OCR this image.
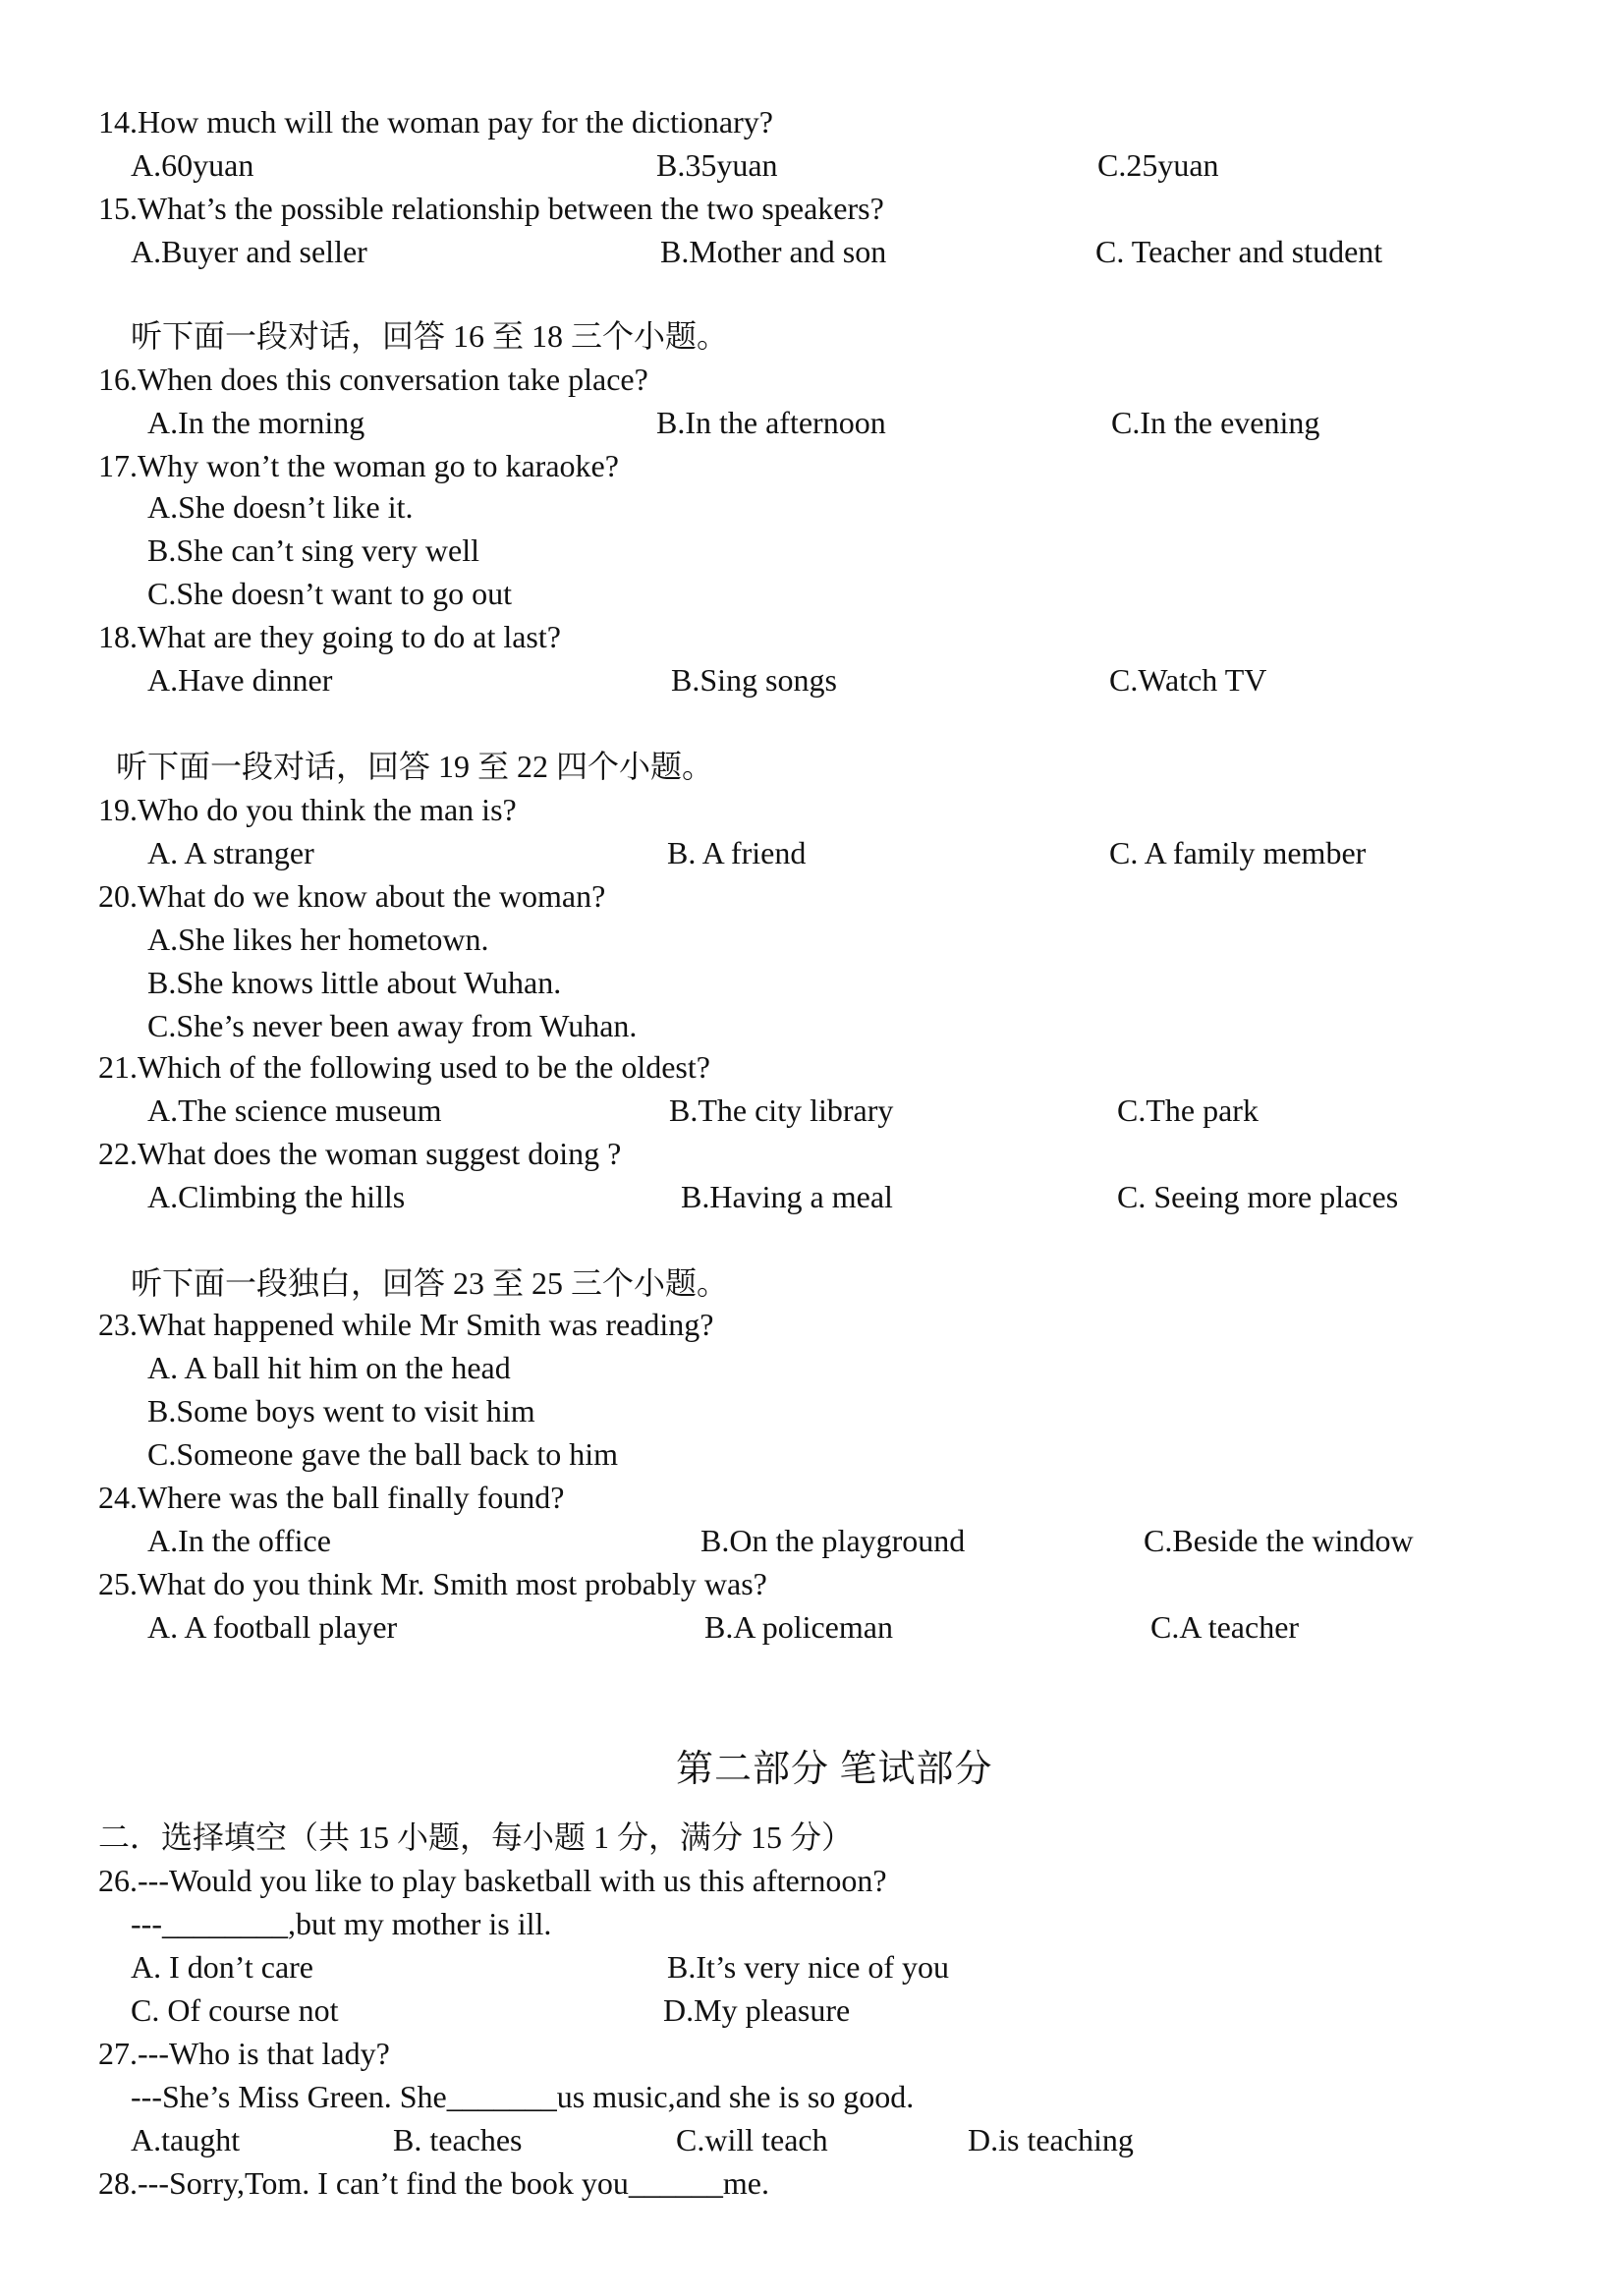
14.How much will the woman pay for the dictionary?
A.60yuan	B.35yuan	C.25yuan
15.What’s the possible relationship between the two speakers?
A.Buyer and seller	B.Mother and son	C. Teacher and student
听下面一段对话，回答 16 至 18 三个小题。
16.When does this conversation take place?
A.In the morning	B.In the afternoon	C.In the evening
17.Why won’t the woman go to karaoke?
A.She doesn’t like it.
B.She can’t sing very well
C.She doesn’t want to go out
18.What are they going to do at last?
A.Have dinner	B.Sing songs	C.Watch TV
听下面一段对话，回答 19 至 22 四个小题。
19.Who do you think the man is?
A. A stranger	B. A friend	C. A family member
20.What do we know about the woman?
A.She likes her hometown.
B.She knows little about Wuhan.
C.She’s never been away from Wuhan.
21.Which of the following used to be the oldest?
A.The science museum	B.The city library	C.The park
22.What does the woman suggest doing ?
A.Climbing the hills	B.Having a meal	C. Seeing more places
听下面一段独白，回答 23 至 25 三个小题。
23.What happened while Mr Smith was reading?
A. A ball hit him on the head
B.Some boys went to visit him
C.Someone gave the ball back to him
24.Where was the ball finally found?
A.In the office	B.On the playground	C.Beside the window
25.What do you think Mr. Smith most probably was?
A. A football player	B.A policeman	C.A teacher
第二部分 笔试部分
二．选择填空（共 15 小题，每小题 1 分，满分 15 分）
26.---Would you like to play basketball with us this afternoon?
---________,but my mother is ill.
A. I don’t care	B.It’s very nice of you
C. Of course not	D.My pleasure
27.---Who is that lady?
---She’s Miss Green. She_______us music,and she is so good.
A.taught	B. teaches	C.will teach	D.is teaching
28.---Sorry,Tom. I can’t find the book you______me.
